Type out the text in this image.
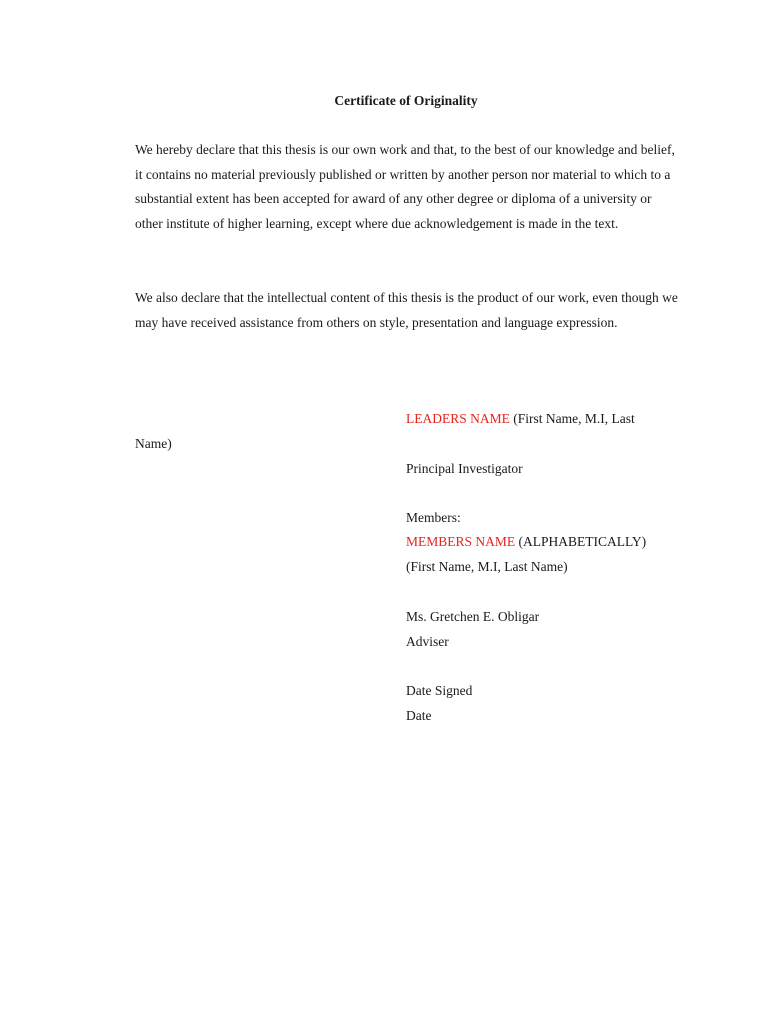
Certificate of Originality

We hereby declare that this thesis is our own work and that, to the best of our knowledge and belief, it contains no material previously published or written by another person nor material to which to a substantial extent has been accepted for award of any other degree or diploma of a university or other institute of higher learning, except where due acknowledgement is made in the text.

We also declare that the intellectual content of this thesis is the product of our work, even though we may have received assistance from others on style, presentation and language expression.

LEADERS NAME (First Name, M.I, Last
Name)
Principal Investigator
Members:
MEMBERS NAME (ALPHABETICALLY)
(First Name, M.I, Last Name)
Ms. Gretchen E. Obligar
Adviser
Date Signed
Date
